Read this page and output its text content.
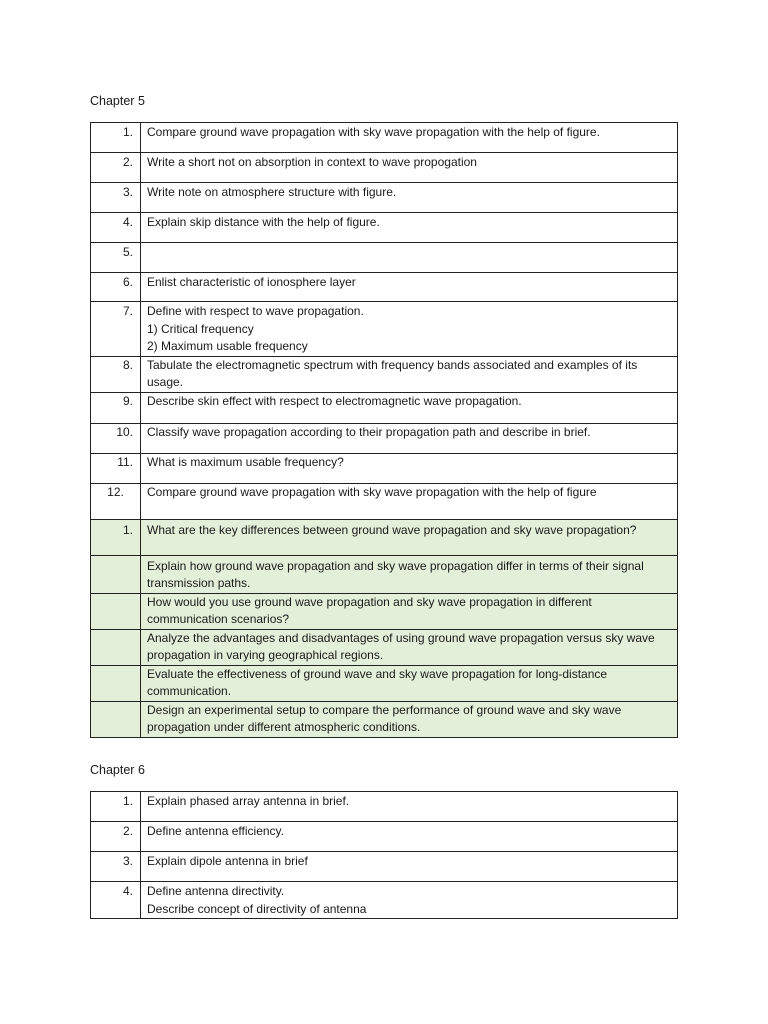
Chapter 5
1.	Compare ground wave propagation with sky wave propagation with the help of figure.
2.	Write a short not on absorption in context to wave propogation
3.	Write note on atmosphere structure with figure.
4.	Explain skip distance with the help of figure.
5.	
6.	Enlist characteristic of ionosphere layer
7.	Define with respect to wave propagation.
1) Critical frequency
2) Maximum usable frequency

8.	Tabulate the electromagnetic spectrum with frequency bands associated and examples of its usage.
9.	Describe skin effect with respect to electromagnetic wave propagation.
10.	Classify wave propagation according to their propagation path and describe in brief.
11.	What is maximum usable frequency?
12.	Compare ground wave propagation with sky wave propagation with the help of figure
1.	What are the key differences between ground wave propagation and sky wave propagation?
	Explain how ground wave propagation and sky wave propagation differ in terms of their signal transmission paths.
	How would you use ground wave propagation and sky wave propagation in different communication scenarios?
	Analyze the advantages and disadvantages of using ground wave propagation versus sky wave propagation in varying geographical regions.
	Evaluate the effectiveness of ground wave and sky wave propagation for long-distance communication.
	Design an experimental setup to compare the performance of ground wave and sky wave propagation under different atmospheric conditions.
Chapter 6
1.	Explain phased array antenna in brief.
2.	Define antenna efficiency.
3.	Explain dipole antenna in brief
4.	Define antenna directivity.
Describe concept of directivity of antenna
